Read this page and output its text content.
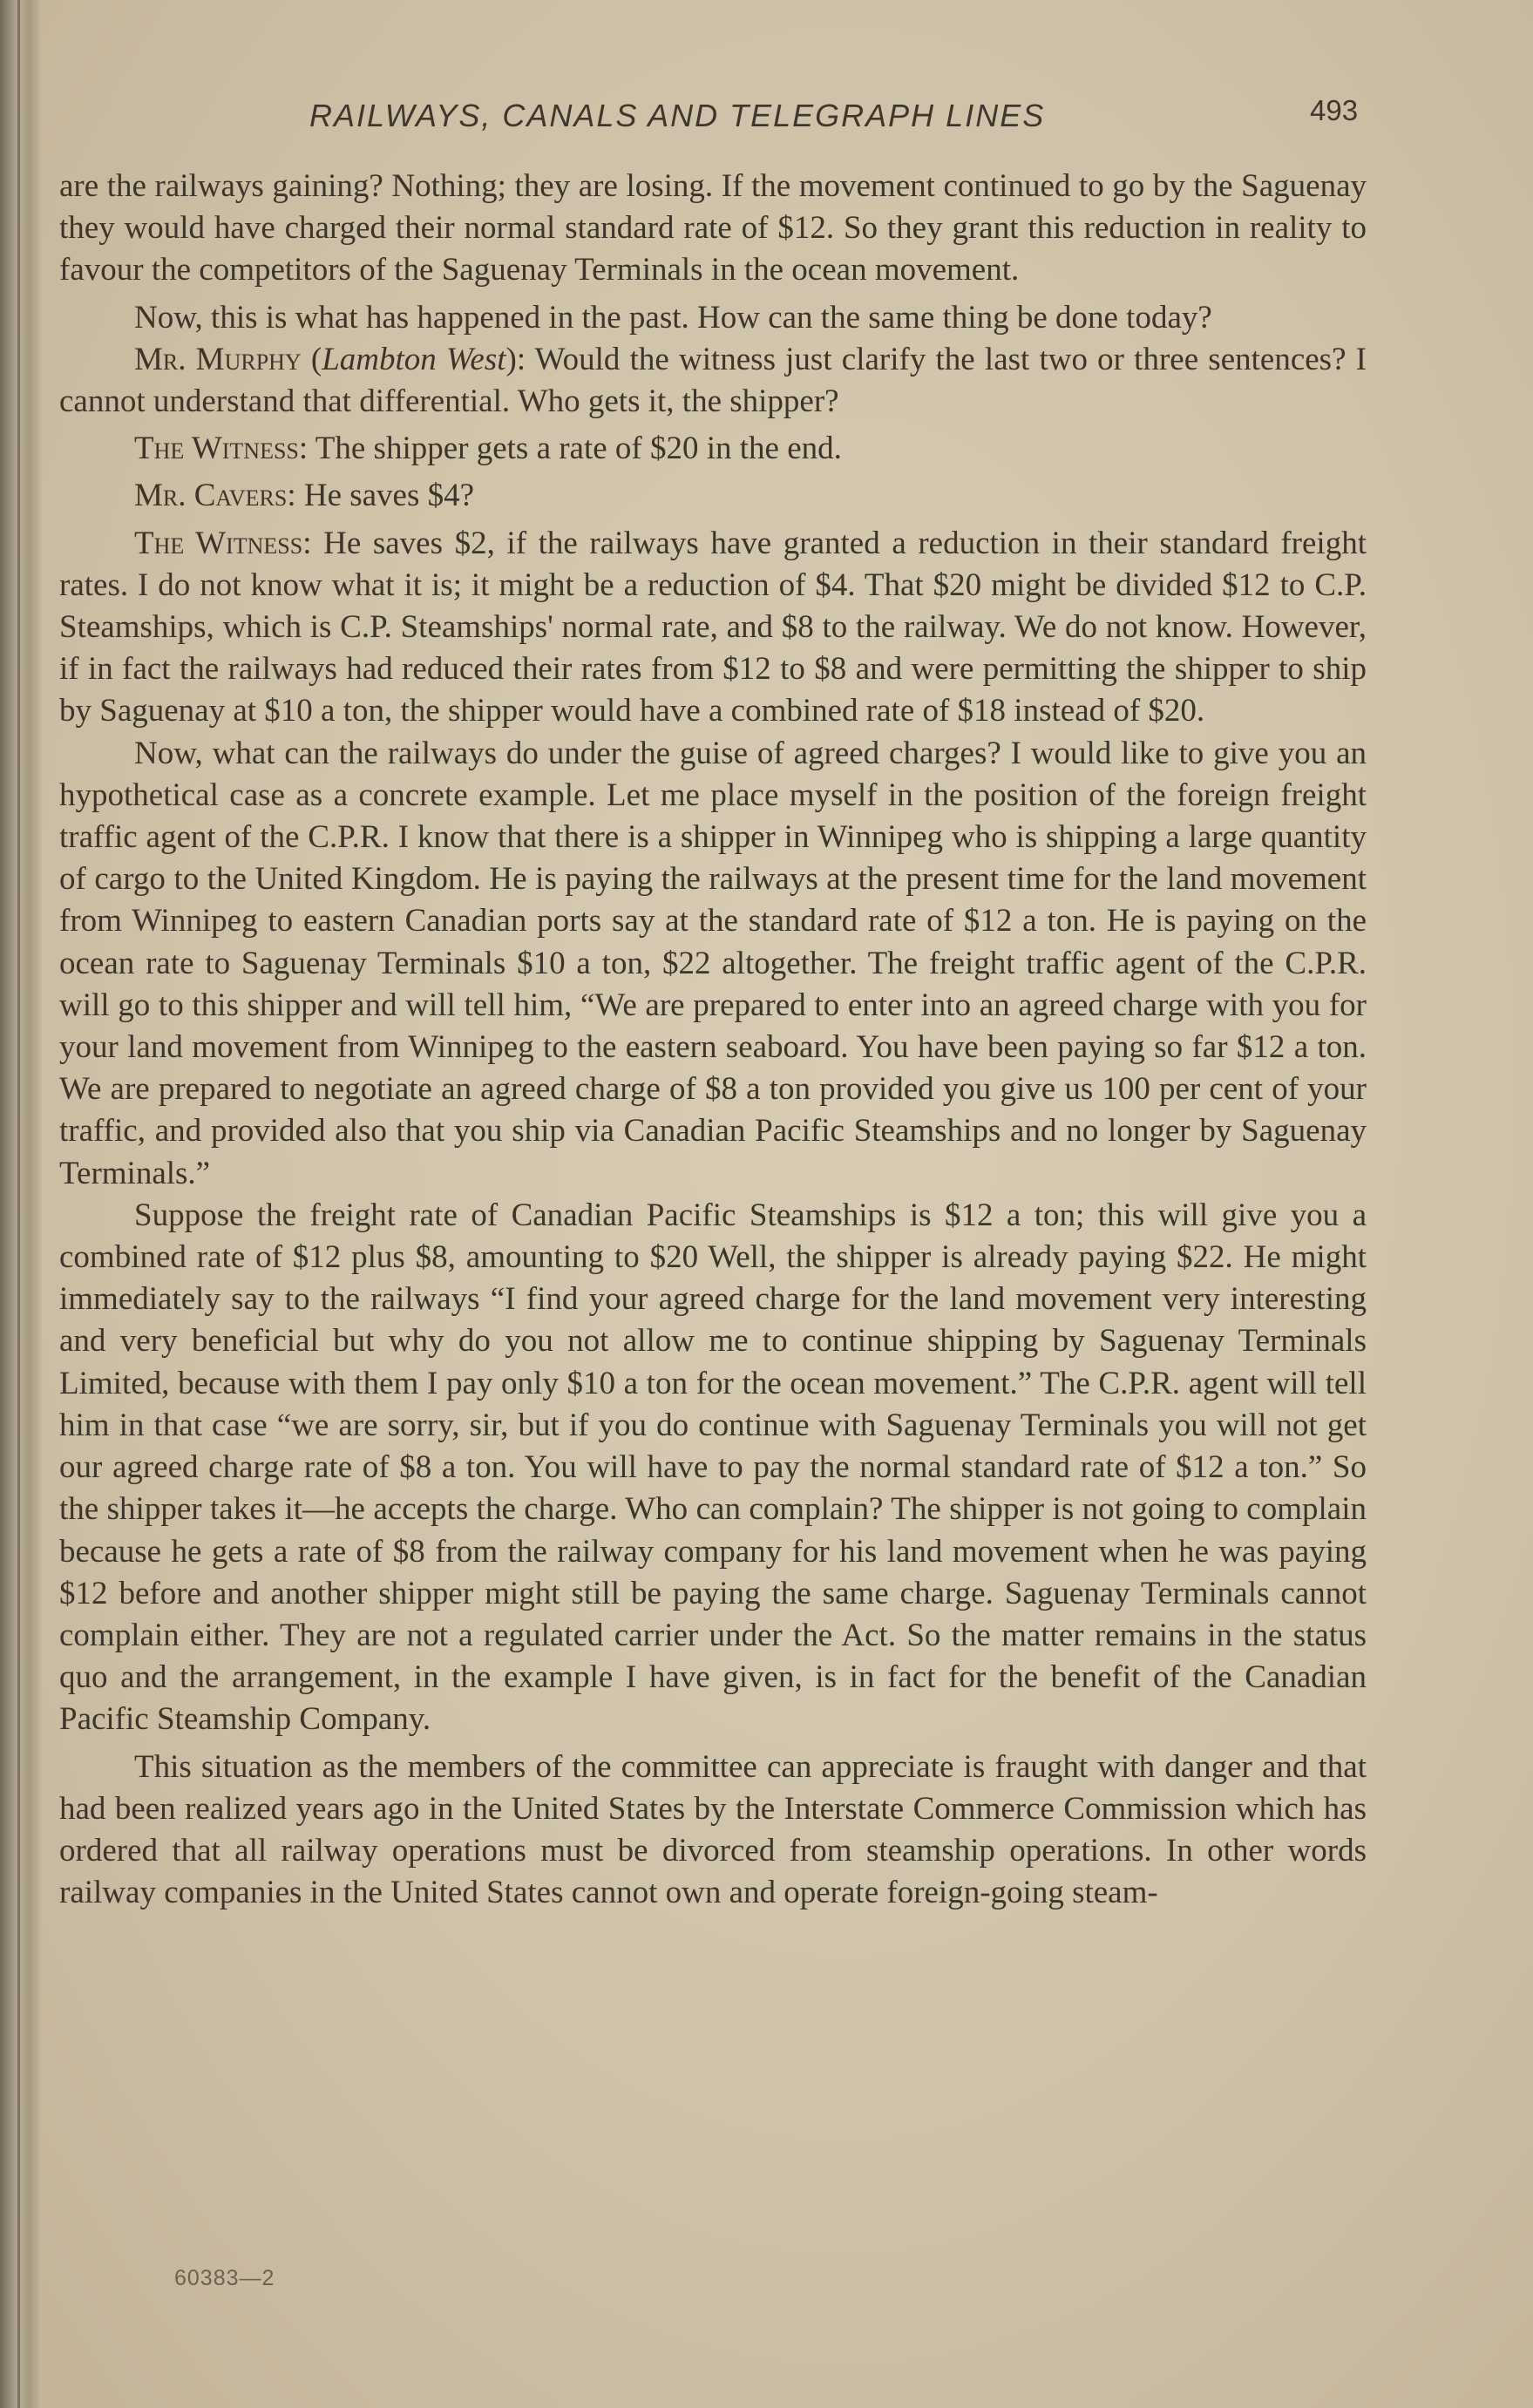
RAILWAYS, CANALS AND TELEGRAPH LINES	493

are the railways gaining? Nothing; they are losing. If the movement continued to go by the Saguenay they would have charged their normal standard rate of $12. So they grant this reduction in reality to favour the competitors of the Saguenay Terminals in the ocean movement.

Now, this is what has happened in the past. How can the same thing be done today?

Mr. Murphy (Lambton West): Would the witness just clarify the last two or three sentences? I cannot understand that differential. Who gets it, the shipper?

The Witness: The shipper gets a rate of $20 in the end.

Mr. Cavers: He saves $4?

The Witness: He saves $2, if the railways have granted a reduction in their standard freight rates. I do not know what it is; it might be a reduction of $4. That $20 might be divided $12 to C.P. Steamships, which is C.P. Steamships' normal rate, and $8 to the railway. We do not know. However, if in fact the railways had reduced their rates from $12 to $8 and were permitting the shipper to ship by Saguenay at $10 a ton, the shipper would have a combined rate of $18 instead of $20.

Now, what can the railways do under the guise of agreed charges? I would like to give you an hypothetical case as a concrete example. Let me place myself in the position of the foreign freight traffic agent of the C.P.R. I know that there is a shipper in Winnipeg who is shipping a large quantity of cargo to the United Kingdom. He is paying the railways at the present time for the land movement from Winnipeg to eastern Canadian ports say at the standard rate of $12 a ton. He is paying on the ocean rate to Saguenay Terminals $10 a ton, $22 altogether. The freight traffic agent of the C.P.R. will go to this shipper and will tell him, “We are prepared to enter into an agreed charge with you for your land movement from Winnipeg to the eastern seaboard. You have been paying so far $12 a ton. We are prepared to negotiate an agreed charge of $8 a ton provided you give us 100 per cent of your traffic, and provided also that you ship via Canadian Pacific Steamships and no longer by Saguenay Terminals.”

Suppose the freight rate of Canadian Pacific Steamships is $12 a ton; this will give you a combined rate of $12 plus $8, amounting to $20 Well, the shipper is already paying $22. He might immediately say to the railways “I find your agreed charge for the land movement very interesting and very beneficial but why do you not allow me to continue shipping by Saguenay Terminals Limited, because with them I pay only $10 a ton for the ocean movement.” The C.P.R. agent will tell him in that case “we are sorry, sir, but if you do continue with Saguenay Terminals you will not get our agreed charge rate of $8 a ton. You will have to pay the normal standard rate of $12 a ton.” So the shipper takes it—he accepts the charge. Who can complain? The shipper is not going to complain because he gets a rate of $8 from the railway company for his land movement when he was paying $12 before and another shipper might still be paying the same charge. Saguenay Terminals cannot complain either. They are not a regulated carrier under the Act. So the matter remains in the status quo and the arrangement, in the example I have given, is in fact for the benefit of the Canadian Pacific Steamship Company.

This situation as the members of the committee can appreciate is fraught with danger and that had been realized years ago in the United States by the Interstate Commerce Commission which has ordered that all railway operations must be divorced from steamship operations. In other words railway companies in the United States cannot own and operate foreign-going steam-

60383—2
